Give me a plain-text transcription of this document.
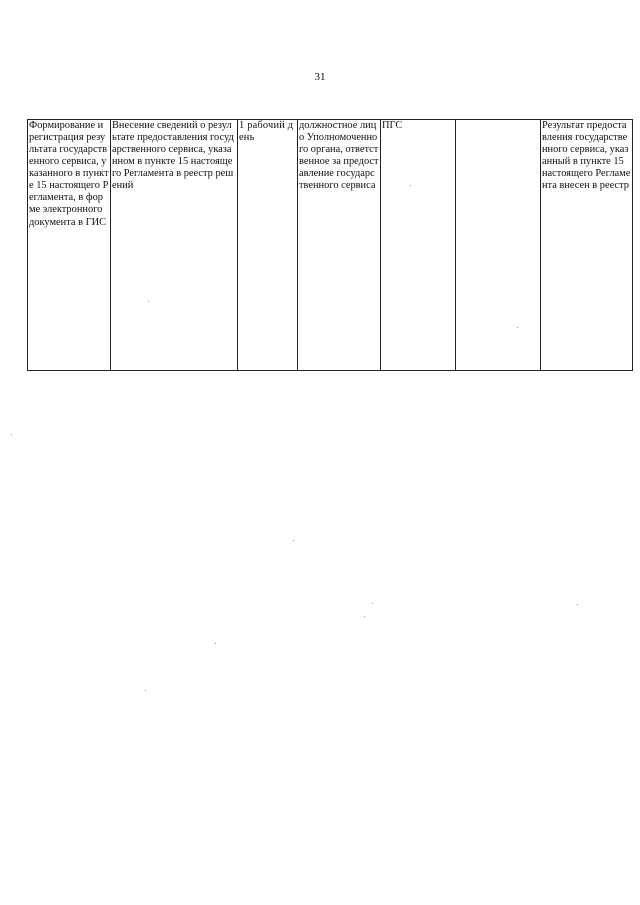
31
Формирование и регистрация результата государственного сервиса, указанного в пункте 15 настоящего Регламента, в форме электронного документа в ГИС	Внесение сведений о результате предоставления государственного сервиса, указанном в пункте 15 настоящего Регламента в реестр решений	1 рабочий день	должностное лицо Уполномоченного органа, ответственное за предоставление государственного сервиса	ПГС		Результат предоставления государственного сервиса, указанный в пункте 15 настоящего Регламента внесен в реестр
